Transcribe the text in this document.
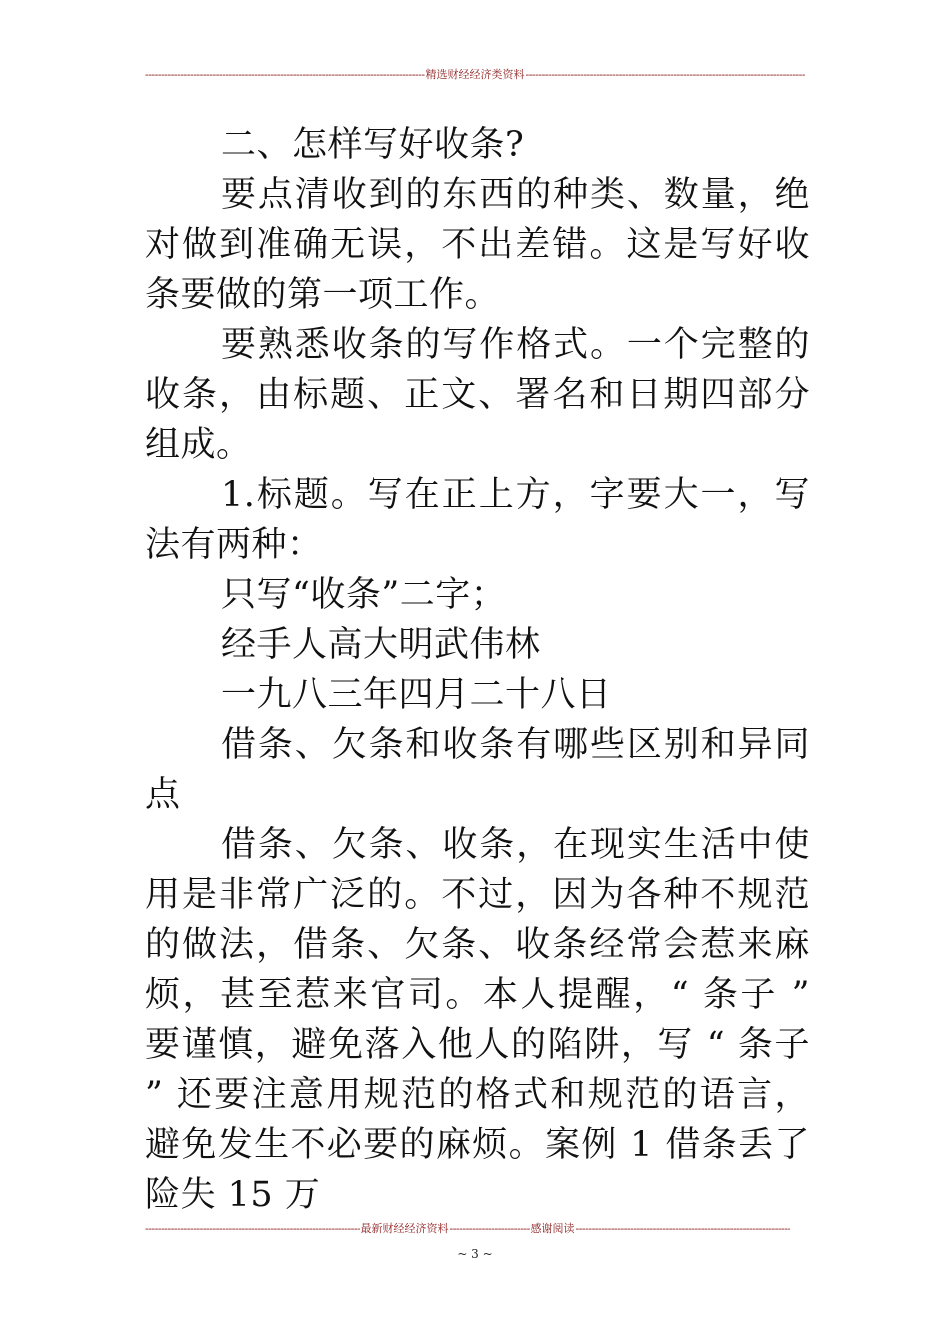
- - -
精选财经经济类资料
- - -

二、怎样写好收条?

要点清收到的东西的种类、数量，绝对做到准确无误，不出差错。这是写好收条要做的第一项工作。

要熟悉收条的写作格式。一个完整的收条，由标题、正文、署名和日期四部分组成。

1.标题。写在正上方，字要大一，写法有两种：

只写“收条”二字；

经手人高大明武伟林

一九八三年四月二十八日

借条、欠条和收条有哪些区别和异同点

借条、欠条、收条，在现实生活中使用是非常广泛的。不过，因为各种不规范的做法，借条、欠条、收条经常会惹来麻烦，甚至惹来官司。本人提醒，“ 条子 ” 要谨慎，避免落入他人的陷阱，写 “ 条子 ” 还要注意用规范的格式和规范的语言，避免发生不必要的麻烦。案例 1 借条丢了险失 15 万

- - -
最新财经经济资料
- - -	感谢阅读
- - -
~ 3 ~
